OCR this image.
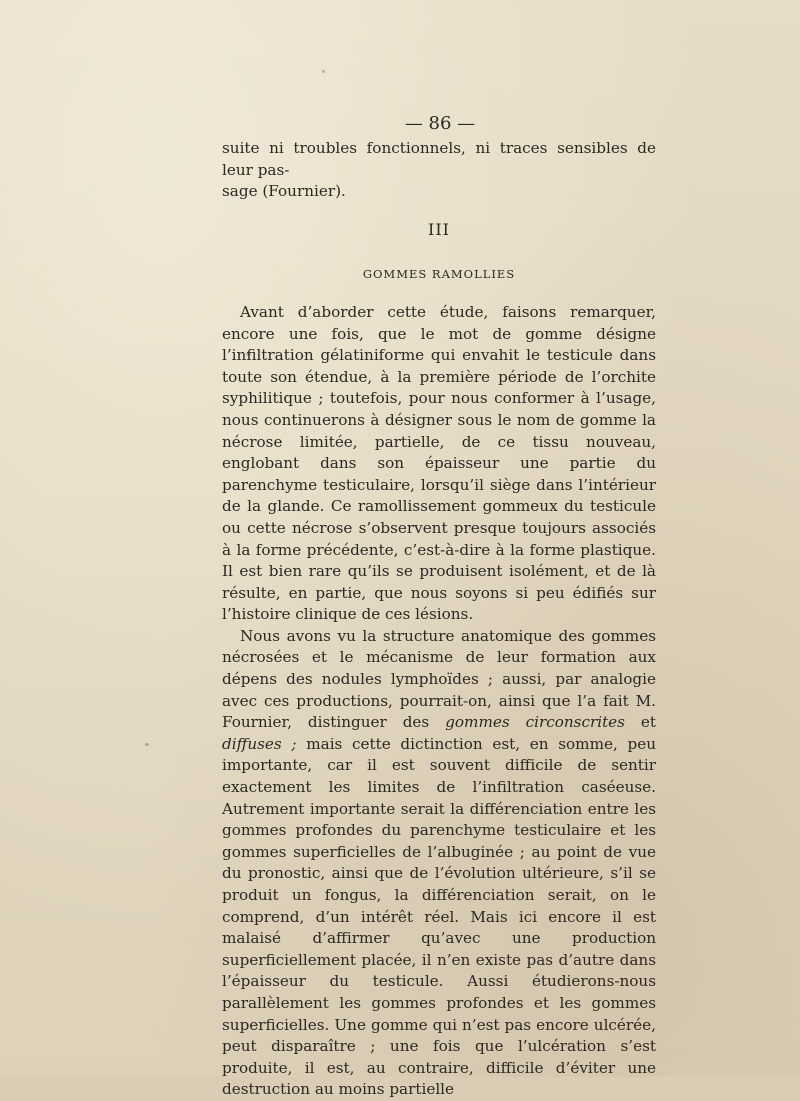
— 86 —

suite ni troubles fonctionnels, ni traces sensibles de leur pas-
sage (Fournier).

III
GOMMES RAMOLLIES

Avant d’aborder cette étude, faisons remarquer, encore une fois, que le mot de gomme désigne l’infiltration gélatiniforme qui envahit le testicule dans toute son étendue, à la première période de l’orchite syphilitique ; toutefois, pour nous conformer à l’usage, nous continuerons à désigner sous le nom de gomme la nécrose limitée, partielle, de ce tissu nouveau, englobant dans son épaisseur une partie du parenchyme testiculaire, lorsqu’il siège dans l’intérieur de la glande. Ce ramollissement gommeux du testicule ou cette nécrose s’observent presque toujours associés à la forme précédente, c’est-à-dire à la forme plastique. Il est bien rare qu’ils se produisent isolément, et de là résulte, en partie, que nous soyons si peu édifiés sur l’histoire clinique de ces lésions.

Nous avons vu la structure anatomique des gommes nécrosées et le mécanisme de leur formation aux dépens des nodules lymphoïdes ; aussi, par analogie avec ces productions, pourrait-on, ainsi que l’a fait M. Fournier, distinguer des gommes circonscrites et diffuses ; mais cette dictinction est, en somme, peu importante, car il est souvent difficile de sentir exactement les limites de l’infiltration caséeuse. Autrement importante serait la différenciation entre les gommes profondes du parenchyme testiculaire et les gommes superficielles de l’albuginée ; au point de vue du pronostic, ainsi que de l’évolution ultérieure, s’il se produit un fongus, la différenciation serait, on le comprend, d’un intérêt réel. Mais ici encore il est malaisé d’affirmer qu’avec une production superficiellement placée, il n’en existe pas d’autre dans l’épaisseur du testicule. Aussi étudierons-nous parallèlement les gommes profondes et les gommes superficielles. Une gomme qui n’est pas encore ulcérée, peut disparaître ; une fois que l’ulcération s’est produite, il est, au contraire, difficile d’éviter une destruction au moins partielle
